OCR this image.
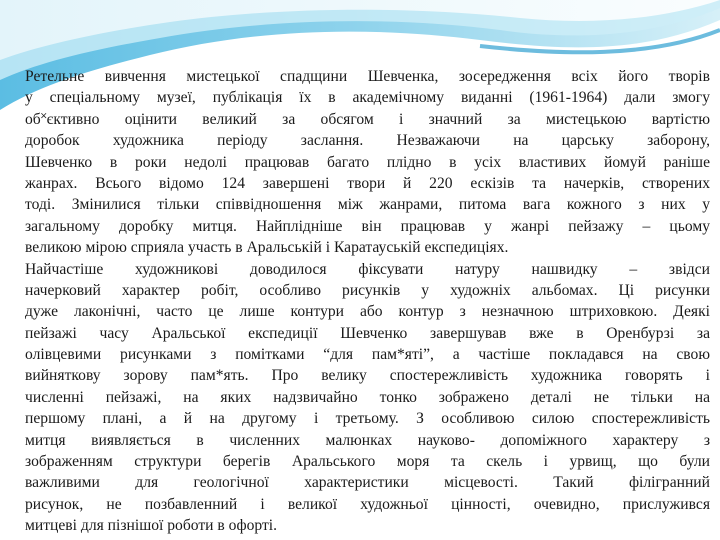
Ретельне вивчення мистецької спадщини Шевченка, зосередження всіх його творів
у спеціальному музеї, публікація їх в академічному виданні (1961-1964) дали змогу
об˟єктивно оцінити великий за обсягом і значний за мистецькою вартістю
доробок художника періоду заслання. Незважаючи на царську заборону,
Шевченко в роки недолі працював багато плідно в усіх властивих йомуй раніше
жанрах. Всього відомо 124 завершені твори й 220 ескізів та начерків, створених
тоді. Змінилися тільки співвідношення між жанрами, питома вага кожного з них у
загальному доробку митця. Найплідніше він працював у жанрі пейзажу – цьому
великою мірою сприяла участь в Аральській і Каратауській експедиціях.
Найчастіше художникові доводилося фіксувати натуру нашвидку – звідси
начерковий характер робіт, особливо рисунків у художніх альбомах. Ці рисунки
дуже лаконічні, часто це лише контури або контур з незначною штриховкою. Деякі
пейзажі часу Аральської експедиції Шевченко завершував вже в Оренбурзі за
олівцевими рисунками з помітками “для пам*яті”, а частіше покладався на свою
вийняткову зорову пам*ять. Про велику спостережливість художника говорять і
численні пейзажі, на яких надзвичайно тонко зображено деталі не тільки на
першому плані, а й на другому і третьому. З особливою силою спостережливість
митця виявляється в численних малюнках науково- допоміжного характеру з
зображенням структури берегів Аральського моря та скель і урвищ, що були
важливими для геологічної характеристики місцевості. Такий філігранний
рисунок, не позбавленний і великої художньої цінності, очевидно, прислужився
митцеві для пізнішої роботи в офорті.
